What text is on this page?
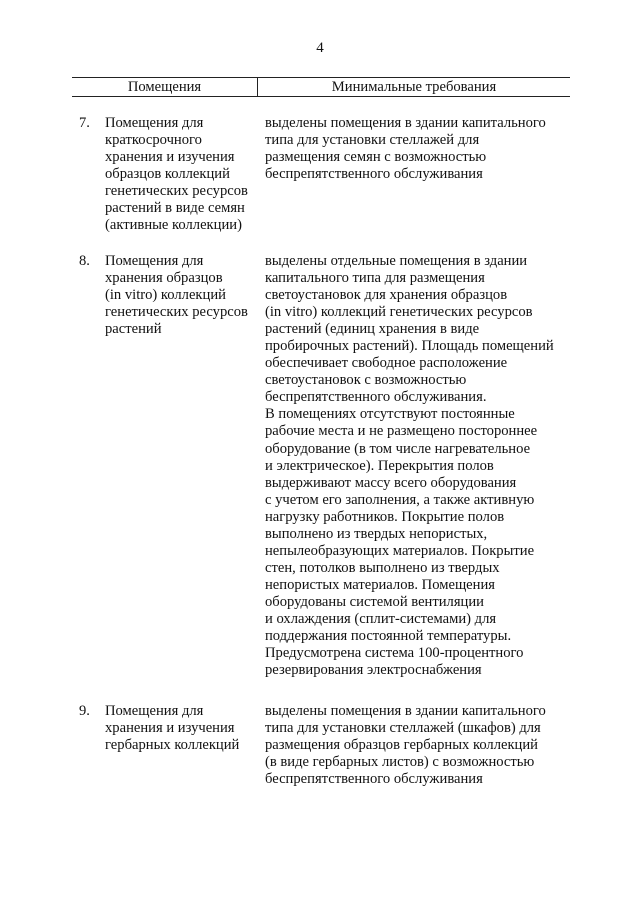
4
Помещения	Минимальные требования
7. Помещения для
краткосрочного
хранения и изучения
образцов коллекций
генетических ресурсов
растений в виде семян
(активные коллекции)
выделены помещения в здании капитального
типа для установки стеллажей для
размещения семян с возможностью
беспрепятственного обслуживания
8. Помещения для
хранения образцов
(in vitro) коллекций
генетических ресурсов
растений
выделены отдельные помещения в здании
капитального типа для размещения
светоустановок для хранения образцов
(in vitro) коллекций генетических ресурсов
растений (единиц хранения в виде
пробирочных растений). Площадь помещений
обеспечивает свободное расположение
светоустановок с возможностью
беспрепятственного обслуживания.
В помещениях отсутствуют постоянные
рабочие места и не размещено постороннее
оборудование (в том числе нагревательное
и электрическое). Перекрытия полов
выдерживают массу всего оборудования
с учетом его заполнения, а также активную
нагрузку работников. Покрытие полов
выполнено из твердых непористых,
непылеобразующих материалов. Покрытие
стен, потолков выполнено из твердых
непористых материалов. Помещения
оборудованы системой вентиляции
и охлаждения (сплит-системами) для
поддержания постоянной температуры.
Предусмотрена система 100-процентного
резервирования электроснабжения
9. Помещения для
хранения и изучения
гербарных коллекций
выделены помещения в здании капитального
типа для установки стеллажей (шкафов) для
размещения образцов гербарных коллекций
(в виде гербарных листов) с возможностью
беспрепятственного обслуживания
